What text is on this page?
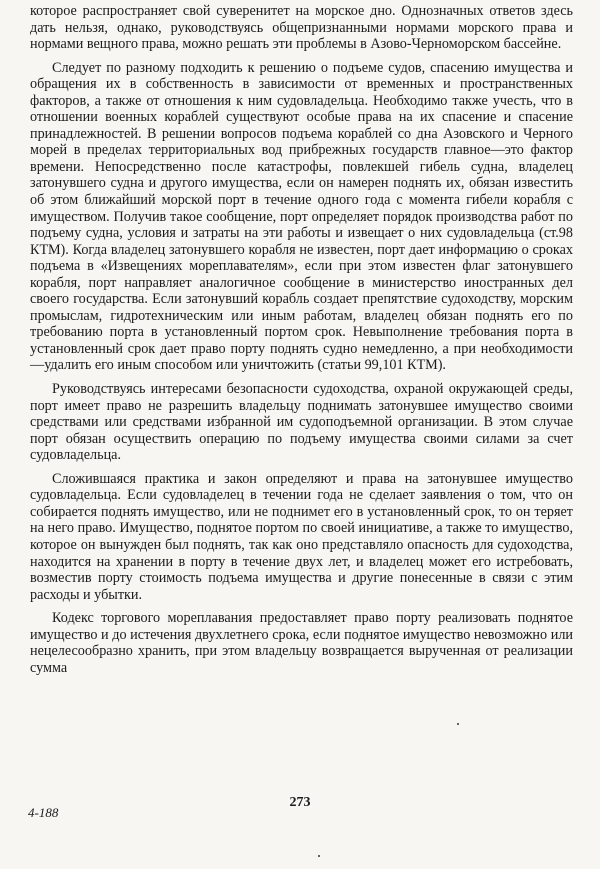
которое распространяет свой суверенитет на морское дно. Однозначных ответов здесь дать нельзя, однако, руководствуясь общепризнанными нормами морского права и нормами вещного права, можно решать эти проблемы в Азово-Черноморском бассейне.

Следует по разному подходить к решению о подъеме судов, спасению имущества и обращения их в собственность в зависимости от временных и пространственных факторов, а также от отношения к ним судовладельца. Необходимо также учесть, что в отношении военных кораблей существуют особые права на их спасение и спасение принадлежностей. В решении вопросов подъема кораблей со дна Азовского и Черного морей в пределах территориальных вод прибрежных государств главное—это фактор времени. Непосредственно после катастрофы, повлекшей гибель судна, владелец затонувшего судна и другого имущества, если он намерен поднять их, обязан известить об этом ближайший морской порт в течение одного года с момента гибели корабля с имуществом. Получив такое сообщение, порт определяет порядок производства работ по подъему судна, условия и затраты на эти работы и извещает о них судовладельца (ст.98 КТМ). Когда владелец затонувшего корабля не известен, порт дает информацию о сроках подъема в «Извещениях мореплавателям», если при этом известен флаг затонувшего корабля, порт направляет аналогичное сообщение в министерство иностранных дел своего государства. Если затонувший корабль создает препятствие судоходству, морским промыслам, гидротехническим или иным работам, владелец обязан поднять его по требованию порта в установленный портом срок. Невыполнение требования порта в установленный срок дает право порту поднять судно немедленно, а при необходимости—удалить его иным способом или уничтожить (статьи 99,101 КТМ).

Руководствуясь интересами безопасности судоходства, охраной окружающей среды, порт имеет право не разрешить владельцу поднимать затонувшее имущество своими средствами или средствами избранной им судоподъемной организации. В этом случае порт обязан осуществить операцию по подъему имущества своими силами за счет судовладельца.

Сложившаяся практика и закон определяют и права на затонувшее имущество судовладельца. Если судовладелец в течении года не сделает заявления о том, что он собирается поднять имущество, или не поднимет его в установленный срок, то он теряет на него право. Имущество, поднятое портом по своей инициативе, а также то имущество, которое он вынужден был поднять, так как оно представляло опасность для судоходства, находится на хранении в порту в течение двух лет, и владелец может его истребовать, возместив порту стоимость подъема имущества и другие понесенные в связи с этим расходы и убытки.

Кодекс торгового мореплавания предоставляет право порту реализовать поднятое имущество и до истечения двухлетнего срока, если поднятое имущество невозможно или нецелесообразно хранить, при этом владельцу возвращается вырученная от реализации сумма

4-188
273
